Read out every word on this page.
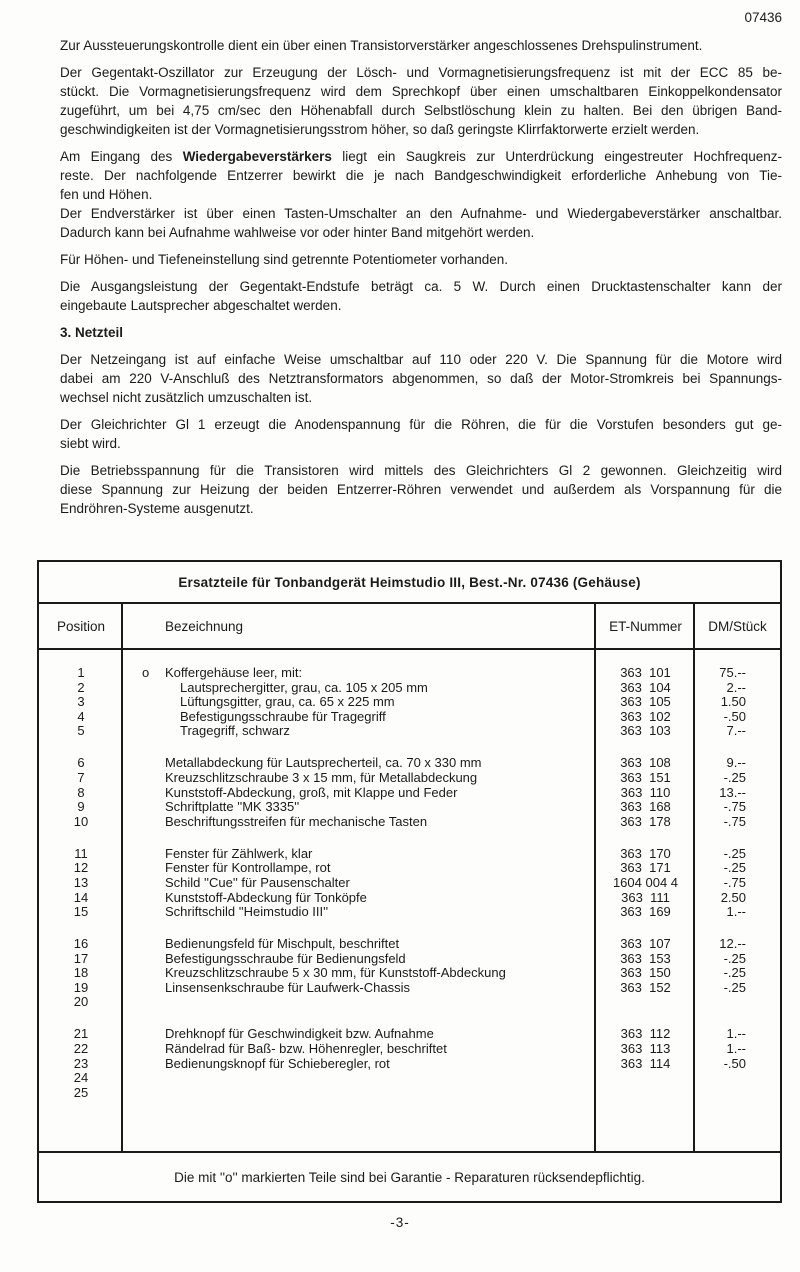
07436
Zur Aussteuerungskontrolle dient ein über einen Transistorverstärker angeschlossenes Drehspulinstrument.
Der Gegentakt-Oszillator zur Erzeugung der Lösch- und Vormagnetisierungsfrequenz ist mit der ECC 85 be-
stückt. Die Vormagnetisierungsfrequenz wird dem Sprechkopf über einen umschaltbaren Einkoppelkondensator
zugeführt, um bei 4,75 cm/sec den Höhenabfall durch Selbstlöschung klein zu halten. Bei den übrigen Band-
geschwindigkeiten ist der Vormagnetisierungsstrom höher, so daß geringste Klirrfaktorwerte erzielt werden.
Am Eingang des Wiedergabeverstärkers liegt ein Saugkreis zur Unterdrückung eingestreuter Hochfrequenz-
reste. Der nachfolgende Entzerrer bewirkt die je nach Bandgeschwindigkeit erforderliche Anhebung von Tie-
fen und Höhen.
Der Endverstärker ist über einen Tasten-Umschalter an den Aufnahme- und Wiedergabeverstärker anschaltbar.
Dadurch kann bei Aufnahme wahlweise vor oder hinter Band mitgehört werden.
Für Höhen- und Tiefeneinstellung sind getrennte Potentiometer vorhanden.
Die Ausgangsleistung der Gegentakt-Endstufe beträgt ca. 5 W. Durch einen Drucktastenschalter kann der
eingebaute Lautsprecher abgeschaltet werden.
3. Netzteil
Der Netzeingang ist auf einfache Weise umschaltbar auf 110 oder 220 V. Die Spannung für die Motore wird
dabei am 220 V-Anschluß des Netztransformators abgenommen, so daß der Motor-Stromkreis bei Spannungs-
wechsel nicht zusätzlich umzuschalten ist.
Der Gleichrichter Gl 1 erzeugt die Anodenspannung für die Röhren, die für die Vorstufen besonders gut ge-
siebt wird.
Die Betriebsspannung für die Transistoren wird mittels des Gleichrichters Gl 2 gewonnen. Gleichzeitig wird
diese Spannung zur Heizung der beiden Entzerrer-Röhren verwendet und außerdem als Vorspannung für die
Endröhren-Systeme ausgenutzt.
Ersatzteile für Tonbandgerät Heimstudio III, Best.-Nr. 07436 (Gehäuse)
Position	Bezeichnung	ET-Nummer	DM/Stück
1	o Koffergehäuse leer, mit:	363  101	75.--
2	Lautsprechergitter, grau, ca. 105 x 205 mm	363  104	2.--
3	Lüftungsgitter, grau, ca. 65 x 225 mm	363  105	1.50
4	Befestigungsschraube für Tragegriff	363  102	-.50
5	Tragegriff, schwarz	363  103	7.--
6	Metallabdeckung für Lautsprecherteil, ca. 70 x 330 mm	363  108	9.--
7	Kreuzschlitzschraube 3 x 15 mm, für Metallabdeckung	363  151	-.25
8	Kunststoff-Abdeckung, groß, mit Klappe und Feder	363  110	13.--
9	Schriftplatte ''MK 3335''	363  168	-.75
10	Beschriftungsstreifen für mechanische Tasten	363  178	-.75
11	Fenster für Zählwerk, klar	363  170	-.25
12	Fenster für Kontrollampe, rot	363  171	-.25
13	Schild ''Cue'' für Pausenschalter	1604 004 4	-.75
14	Kunststoff-Abdeckung für Tonköpfe	363  111	2.50
15	Schriftschild ''Heimstudio III''	363  169	1.--
16	Bedienungsfeld für Mischpult, beschriftet	363  107	12.--
17	Befestigungsschraube für Bedienungsfeld	363  153	-.25
18	Kreuzschlitzschraube 5 x 30 mm, für Kunststoff-Abdeckung	363  150	-.25
19	Linsensenkschraube für Laufwerk-Chassis	363  152	-.25
20
21	Drehknopf für Geschwindigkeit bzw. Aufnahme	363  112	1.--
22	Rändelrad für Baß- bzw. Höhenregler, beschriftet	363  113	1.--
23	Bedienungsknopf für Schieberegler, rot	363  114	-.50
24
25
Die mit ''o'' markierten Teile sind bei Garantie - Reparaturen rücksendepflichtig.
-3-
